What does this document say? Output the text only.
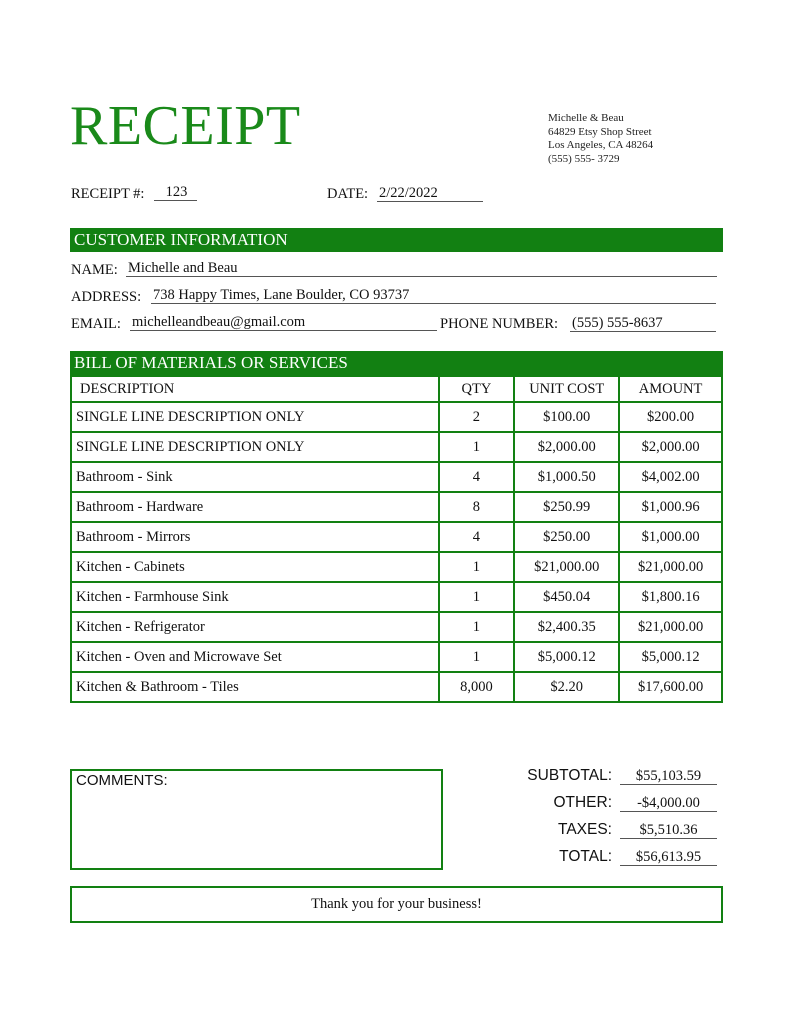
RECEIPT	Michelle & Beau
64829 Etsy Shop Street
Los Angeles, CA 48264
(555) 555- 3729
RECEIPT #:	123	DATE: 2/22/2022
CUSTOMER INFORMATION
NAME: Michelle and Beau
ADDRESS: 738 Happy Times, Lane Boulder, CO 93737
EMAIL: michelleandbeau@gmail.com	PHONE NUMBER: (555) 555-8637
BILL OF MATERIALS OR SERVICES
DESCRIPTION	QTY	UNIT COST	AMOUNT
SINGLE LINE DESCRIPTION ONLY	2	$100.00	$200.00
SINGLE LINE DESCRIPTION ONLY	1	$2,000.00	$2,000.00
Bathroom - Sink	4	$1,000.50	$4,002.00
Bathroom - Hardware	8	$250.99	$1,000.96
Bathroom - Mirrors	4	$250.00	$1,000.00
Kitchen - Cabinets	1	$21,000.00	$21,000.00
Kitchen - Farmhouse Sink	1	$450.04	$1,800.16
Kitchen - Refrigerator	1	$2,400.35	$21,000.00
Kitchen - Oven and Microwave Set	1	$5,000.12	$5,000.12
Kitchen & Bathroom - Tiles	8,000	$2.20	$17,600.00
COMMENTS:	SUBTOTAL:	$55,103.59
OTHER:	-$4,000.00
TAXES:	$5,510.36
TOTAL:	$56,613.95
Thank you for your business!
